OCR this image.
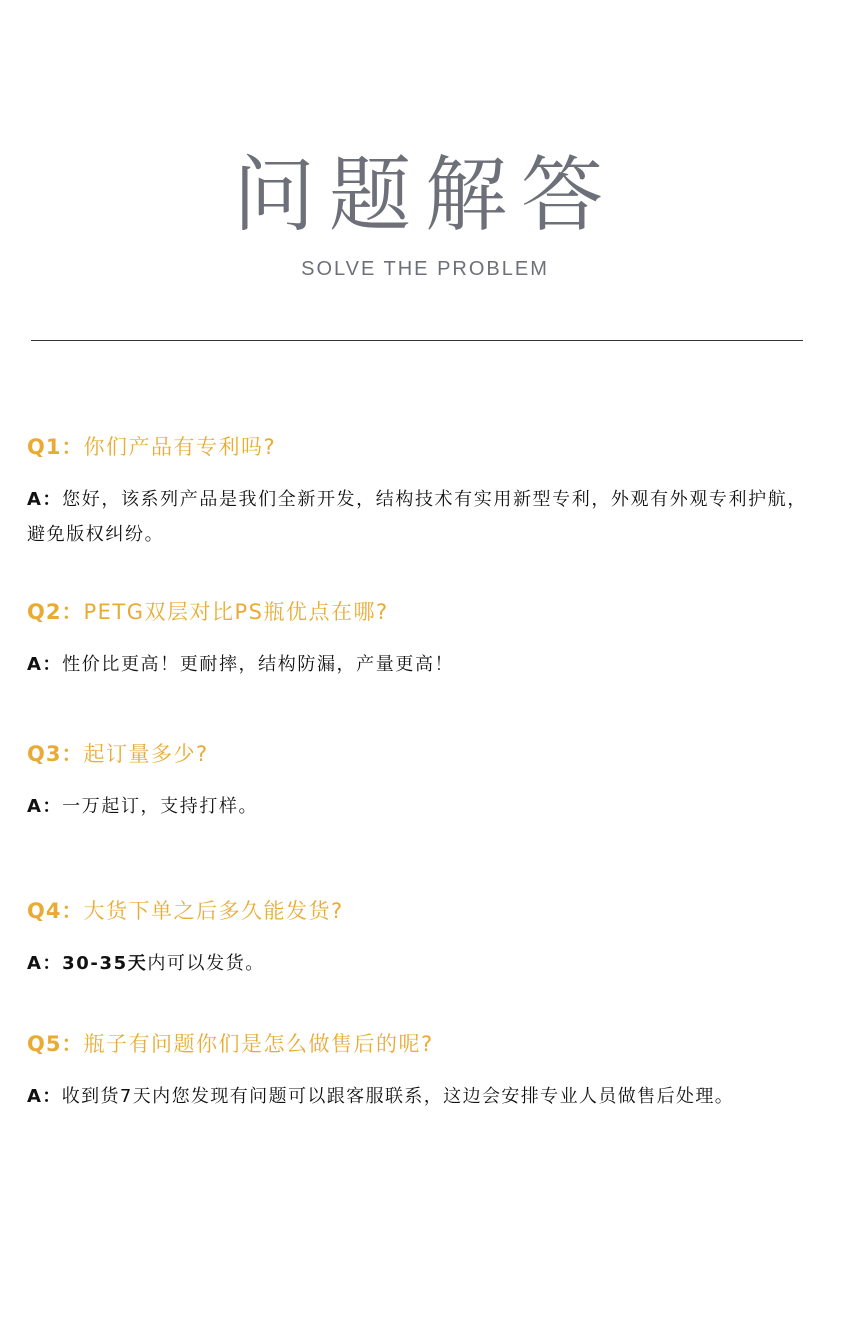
问题解答
SOLVE THE PROBLEM
Q1：你们产品有专利吗?
A：您好，该系列产品是我们全新开发，结构技术有实用新型专利，外观有外观专利护航，避免版权纠纷。
Q2：PETG双层对比PS瓶优点在哪?
A：性价比更高！更耐摔，结构防漏，产量更高！
Q3：起订量多少?
A：一万起订，支持打样。
Q4：大货下单之后多久能发货?
A：30-35天内可以发货。
Q5：瓶子有问题你们是怎么做售后的呢?
A：收到货7天内您发现有问题可以跟客服联系，这边会安排专业人员做售后处理。
